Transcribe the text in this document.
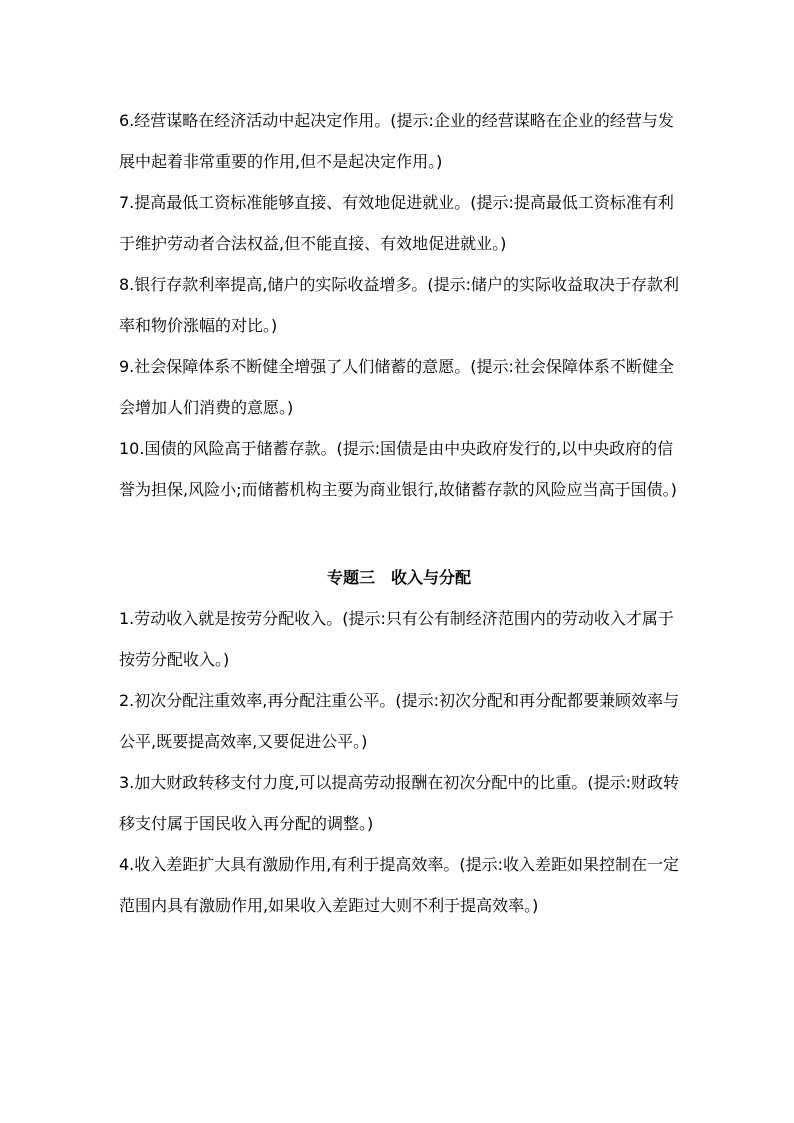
6.经营谋略在经济活动中起决定作用。(提示:企业的经营谋略在企业的经营与发展中起着非常重要的作用,但不是起决定作用。)

7.提高最低工资标准能够直接、有效地促进就业。(提示:提高最低工资标准有利于维护劳动者合法权益,但不能直接、有效地促进就业。)

8.银行存款利率提高,储户的实际收益增多。(提示:储户的实际收益取决于存款利率和物价涨幅的对比。)

9.社会保障体系不断健全增强了人们储蓄的意愿。(提示:社会保障体系不断健全会增加人们消费的意愿。)

10.国债的风险高于储蓄存款。(提示:国债是由中央政府发行的,以中央政府的信誉为担保,风险小;而储蓄机构主要为商业银行,故储蓄存款的风险应当高于国债。)

专题三　收入与分配

1.劳动收入就是按劳分配收入。(提示:只有公有制经济范围内的劳动收入才属于按劳分配收入。)

2.初次分配注重效率,再分配注重公平。(提示:初次分配和再分配都要兼顾效率与公平,既要提高效率,又要促进公平。)

3.加大财政转移支付力度,可以提高劳动报酬在初次分配中的比重。(提示:财政转移支付属于国民收入再分配的调整。)

4.收入差距扩大具有激励作用,有利于提高效率。(提示:收入差距如果控制在一定范围内具有激励作用,如果收入差距过大则不利于提高效率。)
